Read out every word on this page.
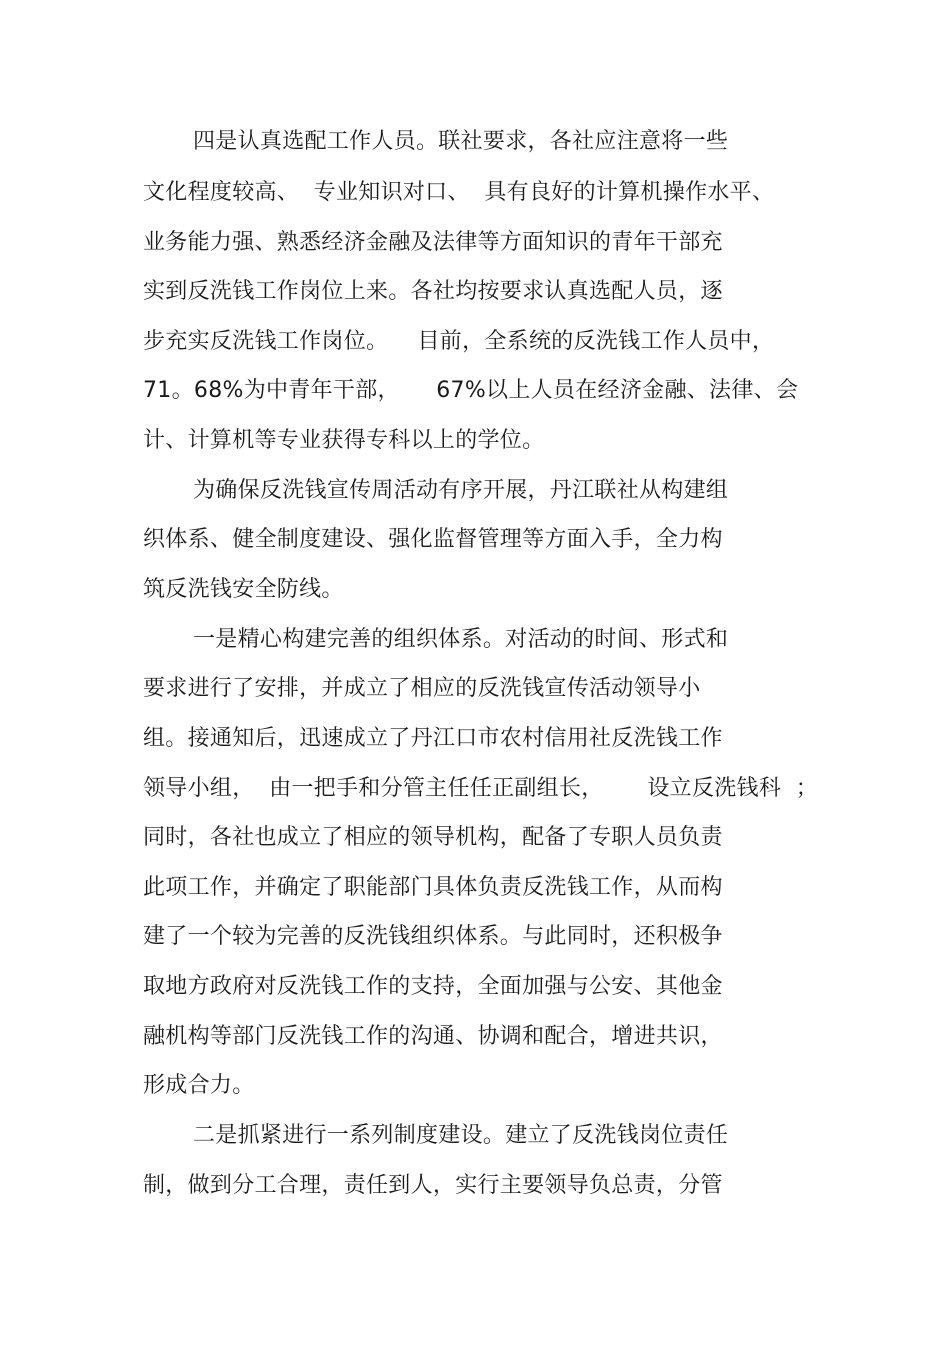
四是认真选配工作人员。联社要求，各社应注意将一些
文化程度较高、  专业知识对口、  具有良好的计算机操作水平、
业务能力强、熟悉经济金融及法律等方面知识的青年干部充
实到反洗钱工作岗位上来。各社均按要求认真选配人员，逐
步充实反洗钱工作岗位。    目前，全系统的反洗钱工作人员中，
71。68%为中青年干部，     67%以上人员在经济金融、法律、会
计、计算机等专业获得专科以上的学位。
为确保反洗钱宣传周活动有序开展，丹江联社从构建组
织体系、健全制度建设、强化监督管理等方面入手，全力构
筑反洗钱安全防线。
一是精心构建完善的组织体系。对活动的时间、形式和
要求进行了安排，并成立了相应的反洗钱宣传活动领导小
组。接通知后，迅速成立了丹江口市农村信用社反洗钱工作
领导小组，  由一把手和分管主任任正副组长，      设立反洗钱科  ；
同时，各社也成立了相应的领导机构，配备了专职人员负责
此项工作，并确定了职能部门具体负责反洗钱工作，从而构
建了一个较为完善的反洗钱组织体系。与此同时，还积极争
取地方政府对反洗钱工作的支持，全面加强与公安、其他金
融机构等部门反洗钱工作的沟通、协调和配合，增进共识，
形成合力。
二是抓紧进行一系列制度建设。建立了反洗钱岗位责任
制，做到分工合理，责任到人，实行主要领导负总责，分管
